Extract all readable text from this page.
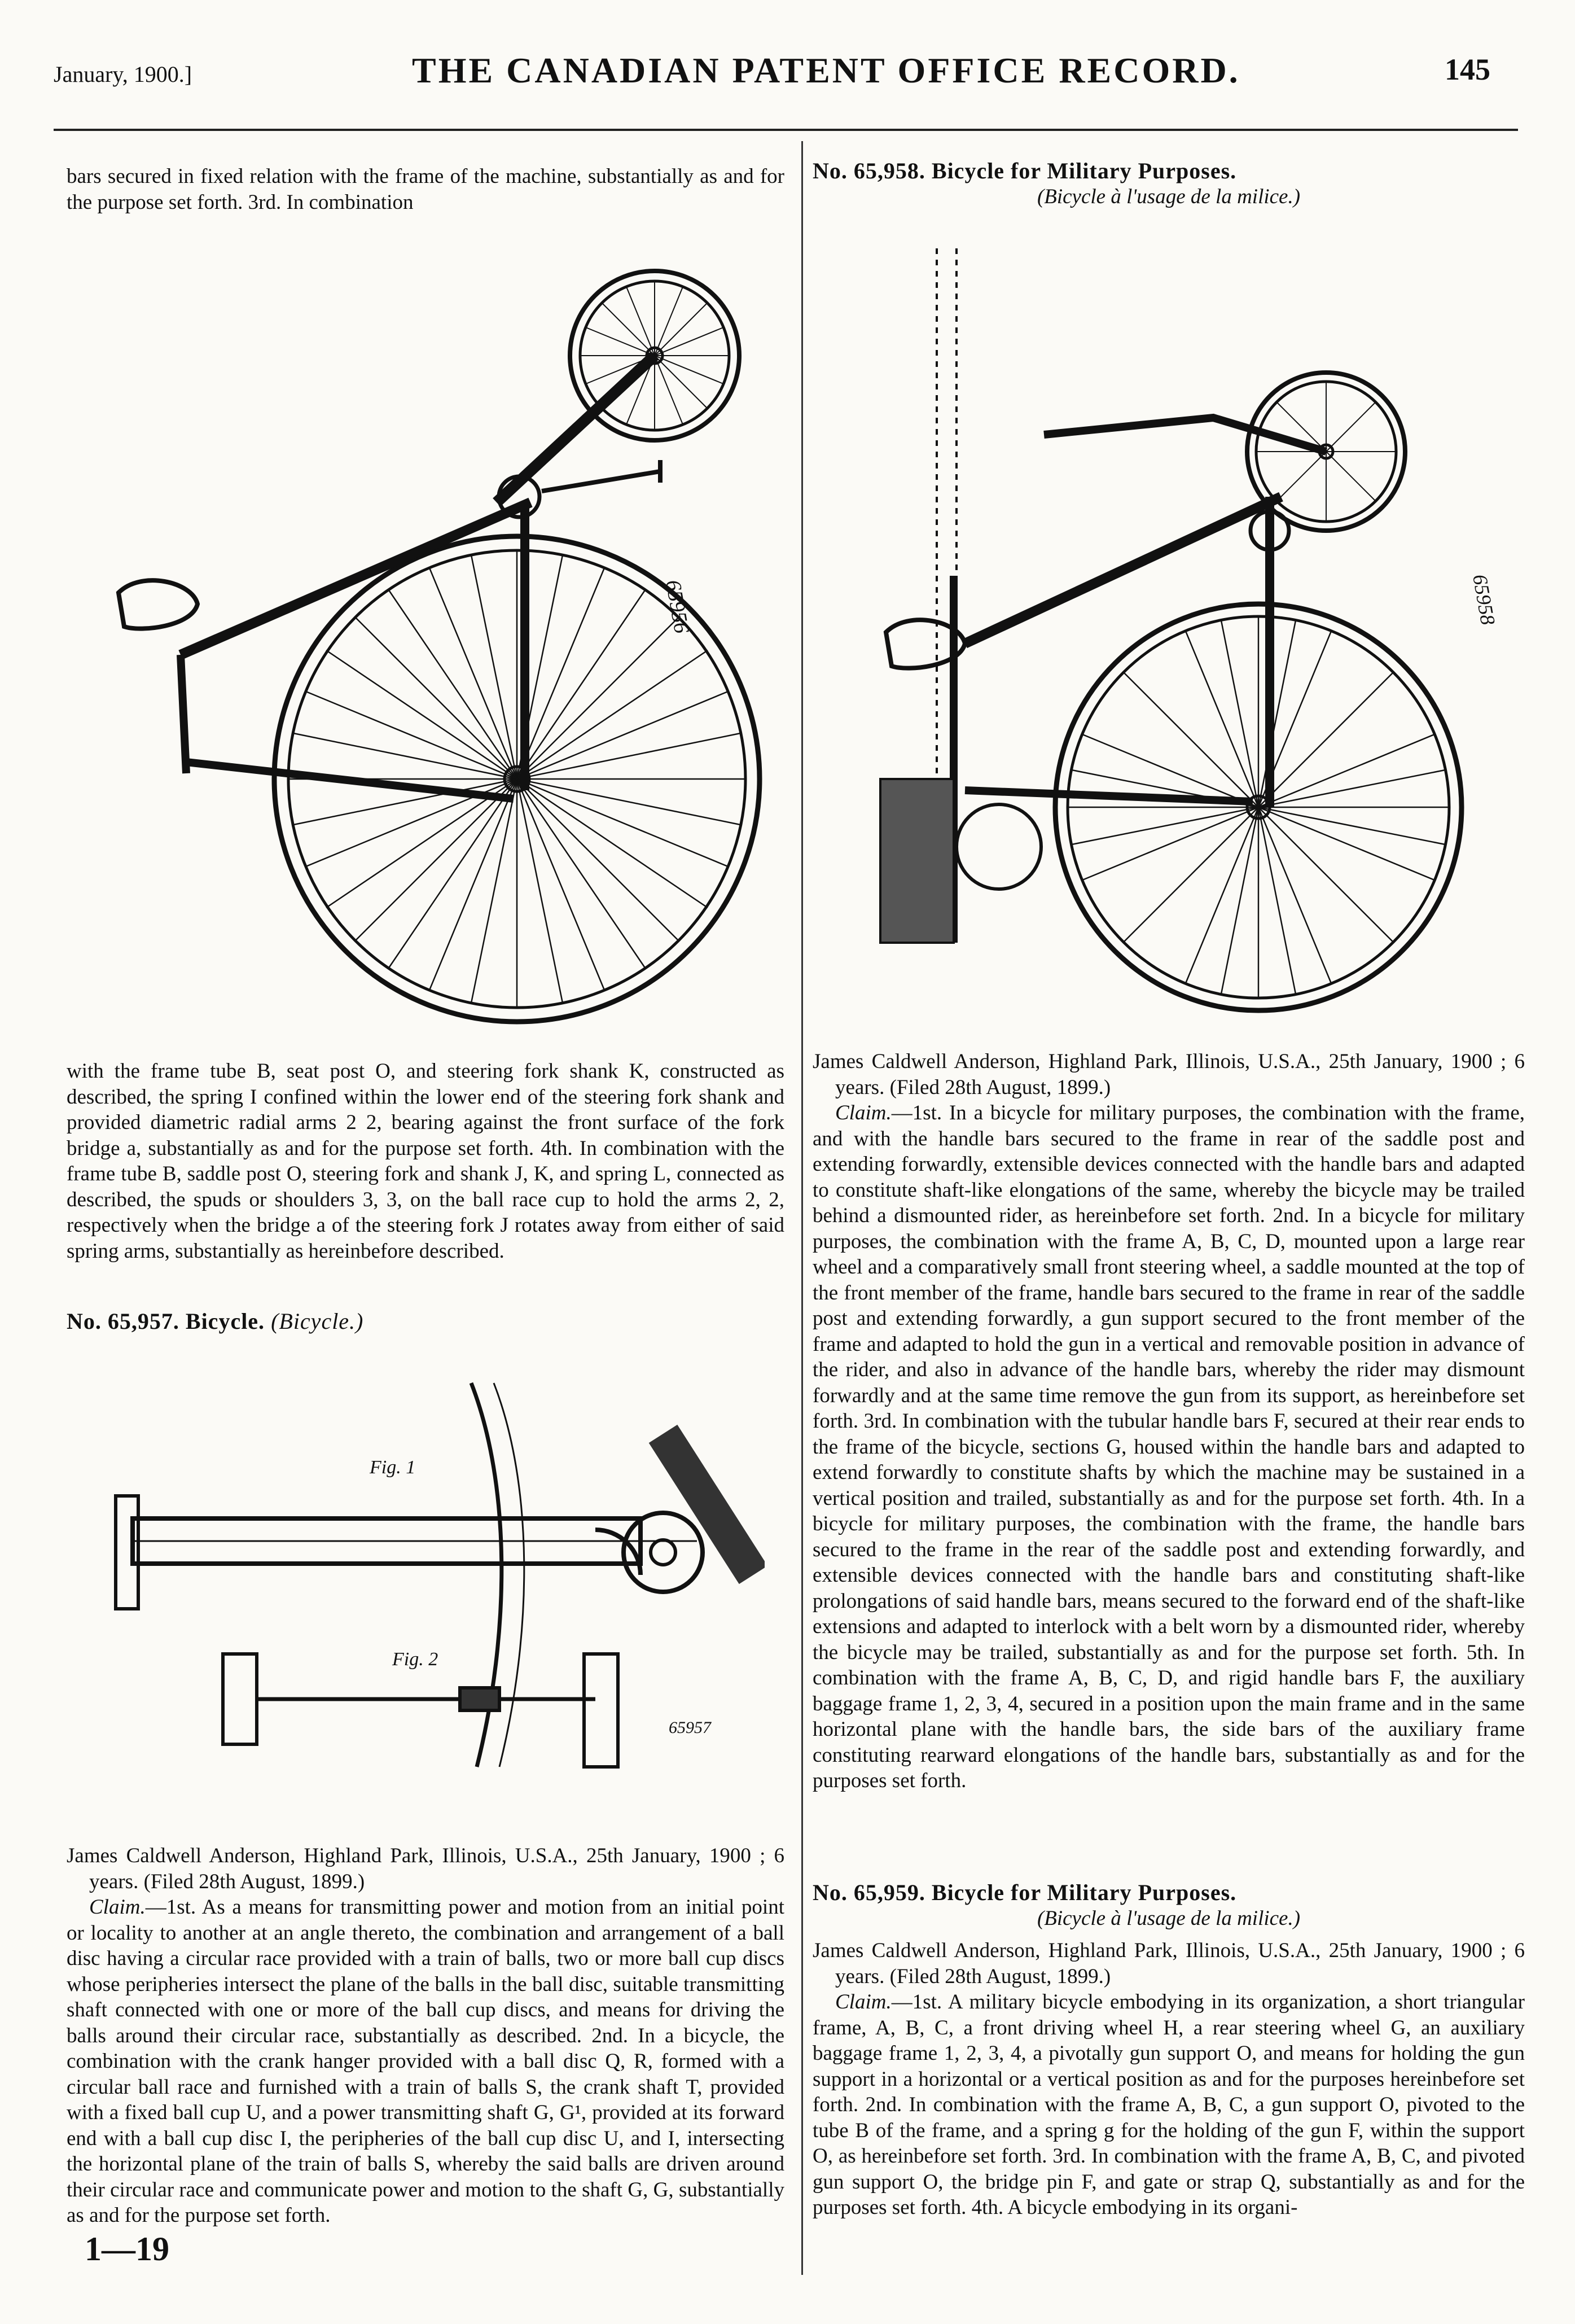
January, 1900.]	THE CANADIAN PATENT OFFICE RECORD.	145

bars secured in fixed relation with the frame of the machine, substantially as and for the purpose set forth. 3rd. In combination

65956

with the frame tube B, seat post O, and steering fork shank K, constructed as described, the spring I confined within the lower end of the steering fork shank and provided diametric radial arms 2 2, bearing against the front surface of the fork bridge a, substantially as and for the purpose set forth. 4th. In combination with the frame tube B, saddle post O, steering fork and shank J, K, and spring L, connected as described, the spuds or shoulders 3, 3, on the ball race cup to hold the arms 2, 2, respectively when the bridge a of the steering fork J rotates away from either of said spring arms, substantially as hereinbefore described.

No. 65,957. Bicycle. (Bicycle.)

Fig. 1
Fig. 2
65957

James Caldwell Anderson, Highland Park, Illinois, U.S.A., 25th January, 1900 ; 6 years. (Filed 28th August, 1899.)

Claim.—1st. As a means for transmitting power and motion from an initial point or locality to another at an angle thereto, the combination and arrangement of a ball disc having a circular race provided with a train of balls, two or more ball cup discs whose peripheries intersect the plane of the balls in the ball disc, suitable transmitting shaft connected with one or more of the ball cup discs, and means for driving the balls around their circular race, substantially as described. 2nd. In a bicycle, the combination with the crank hanger provided with a ball disc Q, R, formed with a circular ball race and furnished with a train of balls S, the crank shaft T, provided with a fixed ball cup U, and a power transmitting shaft G, G¹, provided at its forward end with a ball cup disc I, the peripheries of the ball cup disc U, and I, intersecting the horizontal plane of the train of balls S, whereby the said balls are driven around their circular race and communicate power and motion to the shaft G, G, substantially as and for the purpose set forth.

1—19

No. 65,958. Bicycle for Military Purposes.

(Bicycle à l'usage de la milice.)

65958

James Caldwell Anderson, Highland Park, Illinois, U.S.A., 25th January, 1900 ; 6 years. (Filed 28th August, 1899.)

Claim.—1st. In a bicycle for military purposes, the combination with the frame, and with the handle bars secured to the frame in rear of the saddle post and extending forwardly, extensible devices connected with the handle bars and adapted to constitute shaft-like elongations of the same, whereby the bicycle may be trailed behind a dismounted rider, as hereinbefore set forth. 2nd. In a bicycle for military purposes, the combination with the frame A, B, C, D, mounted upon a large rear wheel and a comparatively small front steering wheel, a saddle mounted at the top of the front member of the frame, handle bars secured to the frame in rear of the saddle post and extending forwardly, a gun support secured to the front member of the frame and adapted to hold the gun in a vertical and removable position in advance of the rider, and also in advance of the handle bars, whereby the rider may dismount forwardly and at the same time remove the gun from its support, as hereinbefore set forth. 3rd. In combination with the tubular handle bars F, secured at their rear ends to the frame of the bicycle, sections G, housed within the handle bars and adapted to extend forwardly to constitute shafts by which the machine may be sustained in a vertical position and trailed, substantially as and for the purpose set forth. 4th. In a bicycle for military purposes, the combination with the frame, the handle bars secured to the frame in the rear of the saddle post and extending forwardly, and extensible devices connected with the handle bars and constituting shaft-like prolongations of said handle bars, means secured to the forward end of the shaft-like extensions and adapted to interlock with a belt worn by a dismounted rider, whereby the bicycle may be trailed, substantially as and for the purpose set forth. 5th. In combination with the frame A, B, C, D, and rigid handle bars F, the auxiliary baggage frame 1, 2, 3, 4, secured in a position upon the main frame and in the same horizontal plane with the handle bars, the side bars of the auxiliary frame constituting rearward elongations of the handle bars, substantially as and for the purposes set forth.

No. 65,959. Bicycle for Military Purposes.

(Bicycle à l'usage de la milice.)

James Caldwell Anderson, Highland Park, Illinois, U.S.A., 25th January, 1900 ; 6 years. (Filed 28th August, 1899.)

Claim.—1st. A military bicycle embodying in its organization, a short triangular frame, A, B, C, a front driving wheel H, a rear steering wheel G, an auxiliary baggage frame 1, 2, 3, 4, a pivotally gun support O, and means for holding the gun support in a horizontal or a vertical position as and for the purposes hereinbefore set forth. 2nd. In combination with the frame A, B, C, a gun support O, pivoted to the tube B of the frame, and a spring g for the holding of the gun F, within the support O, as hereinbefore set forth. 3rd. In combination with the frame A, B, C, and pivoted gun support O, the bridge pin F, and gate or strap Q, substantially as and for the purposes set forth. 4th. A bicycle embodying in its organi-
